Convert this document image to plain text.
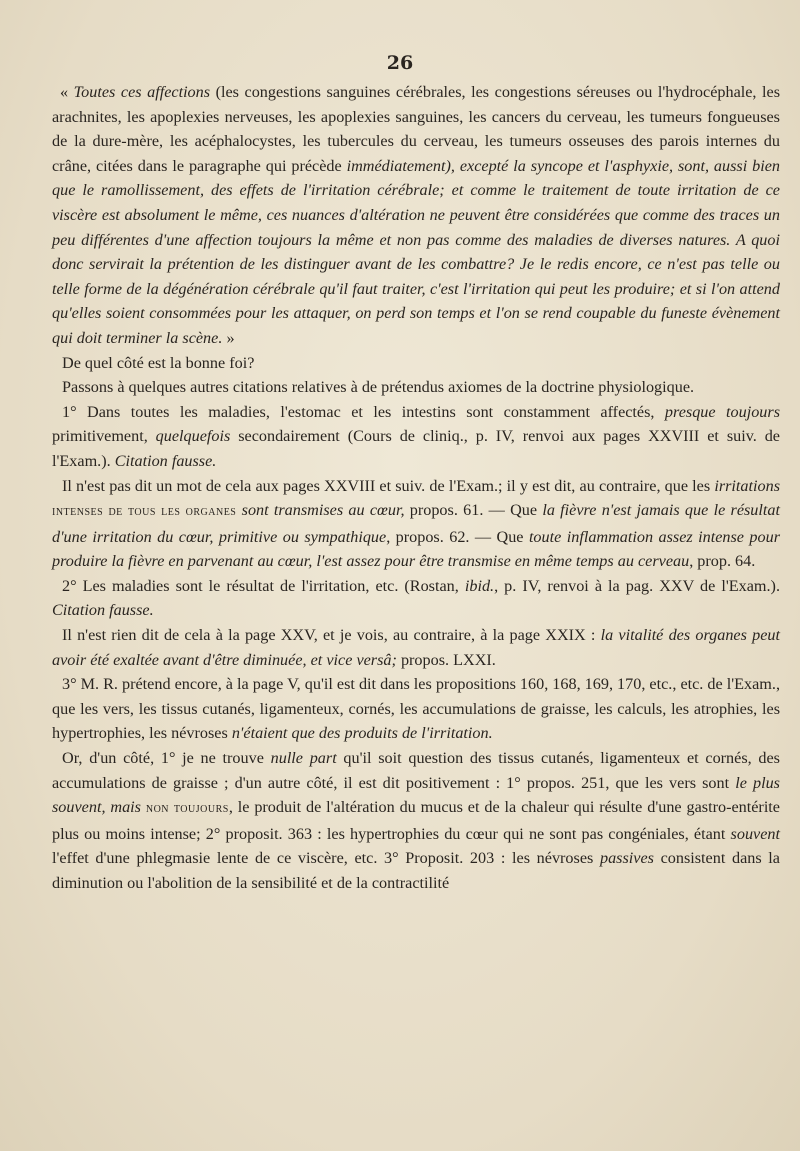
26

« Toutes ces affections (les congestions sanguines cérébrales, les congestions séreuses ou l'hydrocéphale, les arachnites, les apoplexies nerveuses, les apoplexies sanguines, les cancers du cerveau, les tumeurs fongueuses de la dure-mère, les acéphalocystes, les tubercules du cerveau, les tumeurs osseuses des parois internes du crâne, citées dans le paragraphe qui précède immédiatement), excepté la syncope et l'asphyxie, sont, aussi bien que le ramollissement, des effets de l'irritation cérébrale; et comme le traitement de toute irritation de ce viscère est absolument le même, ces nuances d'altération ne peuvent être considérées que comme des traces un peu différentes d'une affection toujours la même et non pas comme des maladies de diverses natures. A quoi donc servirait la prétention de les distinguer avant de les combattre? Je le redis encore, ce n'est pas telle ou telle forme de la dégénération cérébrale qu'il faut traiter, c'est l'irritation qui peut les produire; et si l'on attend qu'elles soient consommées pour les attaquer, on perd son temps et l'on se rend coupable du funeste évènement qui doit terminer la scène. »

De quel côté est la bonne foi?

Passons à quelques autres citations relatives à de prétendus axiomes de la doctrine physiologique.

1° Dans toutes les maladies, l'estomac et les intestins sont constamment affectés, presque toujours primitivement, quelquefois secondairement (Cours de cliniq., p. IV, renvoi aux pages XXVIII et suiv. de l'Exam.). Citation fausse.

Il n'est pas dit un mot de cela aux pages XXVIII et suiv. de l'Exam.; il y est dit, au contraire, que les irritations intenses de tous les organes sont transmises au cœur, propos. 61. — Que la fièvre n'est jamais que le résultat d'une irritation du cœur, primitive ou sympathique, propos. 62. — Que toute inflammation assez intense pour produire la fièvre en parvenant au cœur, l'est assez pour être transmise en même temps au cerveau, prop. 64.

2° Les maladies sont le résultat de l'irritation, etc. (Rostan, ibid., p. IV, renvoi à la pag. XXV de l'Exam.). Citation fausse.

Il n'est rien dit de cela à la page XXV, et je vois, au contraire, à la page XXIX : la vitalité des organes peut avoir été exaltée avant d'être diminuée, et vice versâ; propos. LXXI.

3° M. R. prétend encore, à la page V, qu'il est dit dans les propositions 160, 168, 169, 170, etc., etc. de l'Exam., que les vers, les tissus cutanés, ligamenteux, cornés, les accumulations de graisse, les calculs, les atrophies, les hypertrophies, les névroses n'étaient que des produits de l'irritation.

Or, d'un côté, 1° je ne trouve nulle part qu'il soit question des tissus cutanés, ligamenteux et cornés, des accumulations de graisse ; d'un autre côté, il est dit positivement : 1° propos. 251, que les vers sont le plus souvent, mais non toujours, le produit de l'altération du mucus et de la chaleur qui résulte d'une gastro-entérite plus ou moins intense; 2° proposit. 363 : les hypertrophies du cœur qui ne sont pas congéniales, étant souvent l'effet d'une phlegmasie lente de ce viscère, etc. 3° Proposit. 203 : les névroses passives consistent dans la diminution ou l'abolition de la sensibilité et de la contractilité
